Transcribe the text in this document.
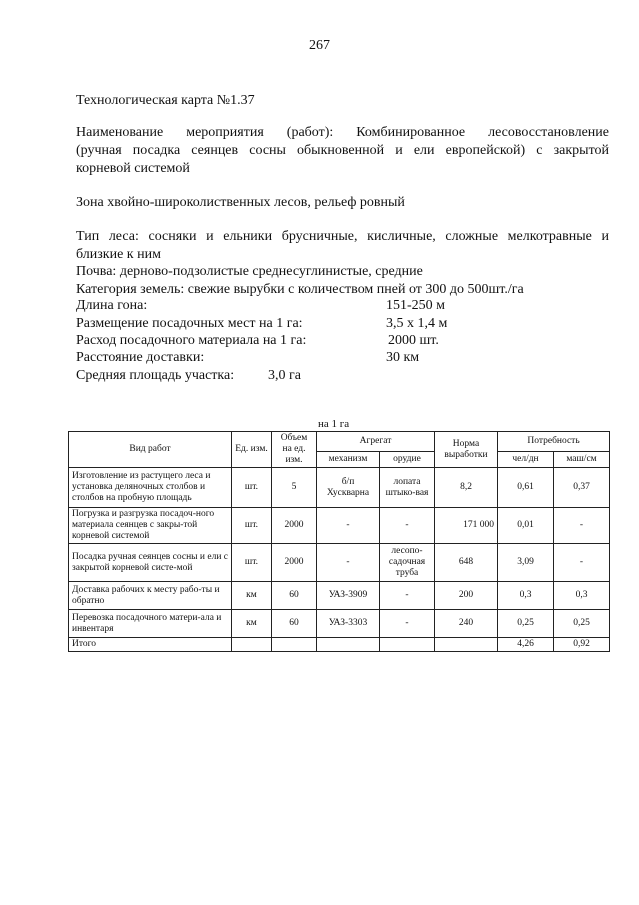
267
Технологическая карта №1.37
Наименование мероприятия (работ): Комбинированное лесовосстановление
(ручная посадка сеянцев сосны обыкновенной и ели европейской) с закрытой
корневой системой
Зона хвойно-широколиственных лесов, рельеф ровный
Тип леса: сосняки и ельники брусничные, кисличные, сложные мелкотравные и
близкие к ним
Почва: дерново-подзолистые среднесуглинистые, средние
Категория земель: свежие вырубки с количеством пней от 300 до 500шт./га
Длина гона:	151-250 м
Размещение посадочных мест на 1 га:	3,5 х 1,4 м
Расход посадочного материала на 1 га:	2000 шт.
Расстояние доставки:	30 км
Средняя площадь участка: 3,0 га
на 1 га
Вид работ	Ед. изм.	Объем на ед. изм.	Агрегат		Норма выработки	Потребность	
			механизм	орудие		чел/дн	маш/см
Изготовление из растущего леса и установка деляночных столбов и столбов на пробную площадь	шт.	5	б/п Хускварна	лопата штыко-вая	8,2	0,61	0,37
Погрузка и разгрузка посадоч-ного материала сеянцев с закры-той корневой системой	шт.	2000	-	-	171 000	0,01	-
Посадка ручная сеянцев сосны и ели с закрытой корневой систе-мой	шт.	2000	-	лесопо-садочная труба	648	3,09	-
Доставка рабочих к месту рабо-ты и обратно	км	60	УАЗ-3909	-	200	0,3	0,3
Перевозка посадочного матери-ала и инвентаря	км	60	УАЗ-3303	-	240	0,25	0,25
Итого						4,26	0,92
